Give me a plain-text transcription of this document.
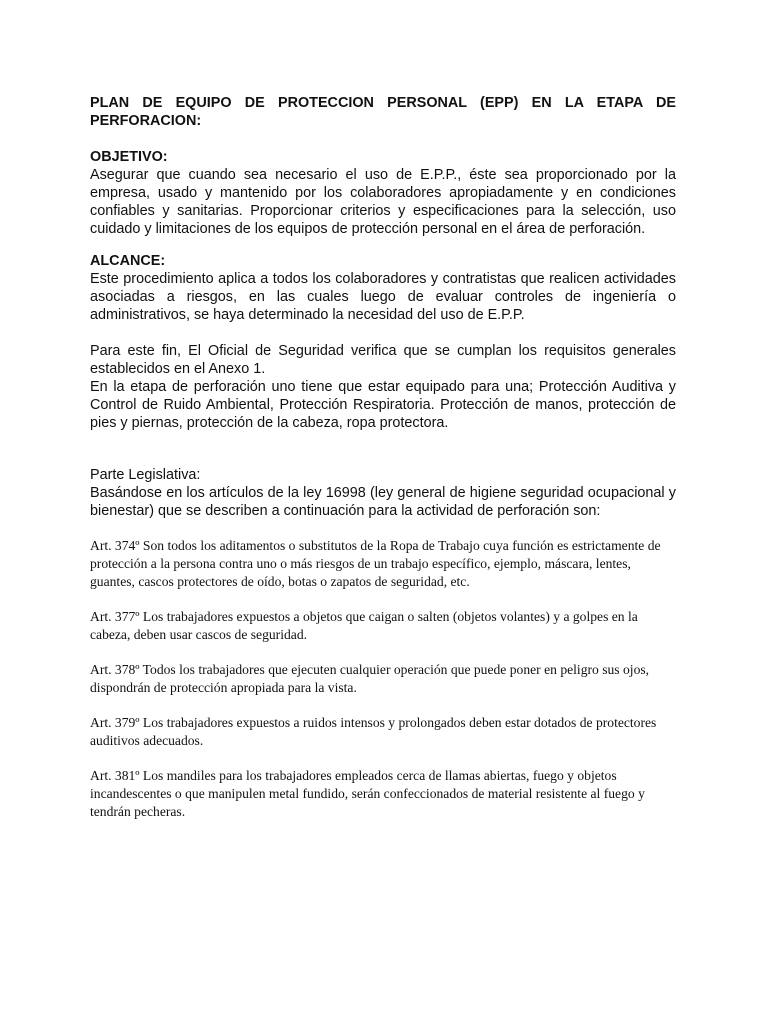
PLAN DE EQUIPO DE PROTECCION PERSONAL (EPP) EN LA ETAPA DE PERFORACION:

OBJETIVO:

Asegurar que cuando sea necesario el uso de E.P.P., éste sea proporcionado por la empresa, usado y mantenido por los colaboradores apropiadamente y en condiciones confiables y sanitarias. Proporcionar criterios y especificaciones para la selección, uso cuidado y limitaciones de los equipos de protección personal en el área de perforación.

ALCANCE:

Este procedimiento aplica a todos los colaboradores y contratistas que realicen actividades asociadas a riesgos, en las cuales luego de evaluar controles de ingeniería o administrativos, se haya determinado la necesidad del uso de E.P.P.

Para este fin, El Oficial de Seguridad verifica que se cumplan los requisitos generales establecidos en el Anexo 1.

En la etapa de perforación uno tiene que estar equipado para una; Protección Auditiva y Control de Ruido Ambiental, Protección Respiratoria. Protección de manos, protección de pies y piernas, protección de la cabeza, ropa protectora.

Parte Legislativa:

Basándose en los artículos de la ley 16998 (ley general de higiene seguridad ocupacional y bienestar) que se describen a continuación para la actividad de perforación son:

Art. 374º Son todos los aditamentos o substitutos de la Ropa de Trabajo cuya función es estrictamente de protección a la persona contra uno o más riesgos de un trabajo específico, ejemplo, máscara, lentes, guantes, cascos protectores de oído, botas o zapatos de seguridad, etc.

Art. 377º Los trabajadores expuestos a objetos que caigan o salten (objetos volantes) y a golpes en la cabeza, deben usar cascos de seguridad.

Art. 378º Todos los trabajadores que ejecuten cualquier operación que puede poner en peligro sus ojos, dispondrán de protección apropiada para la vista.

Art. 379º Los trabajadores expuestos a ruidos intensos y prolongados deben estar dotados de protectores auditivos adecuados.

Art. 381º Los mandiles para los trabajadores empleados cerca de llamas abiertas, fuego y objetos incandescentes o que manipulen metal fundido, serán confeccionados de material resistente al fuego y tendrán pecheras.
